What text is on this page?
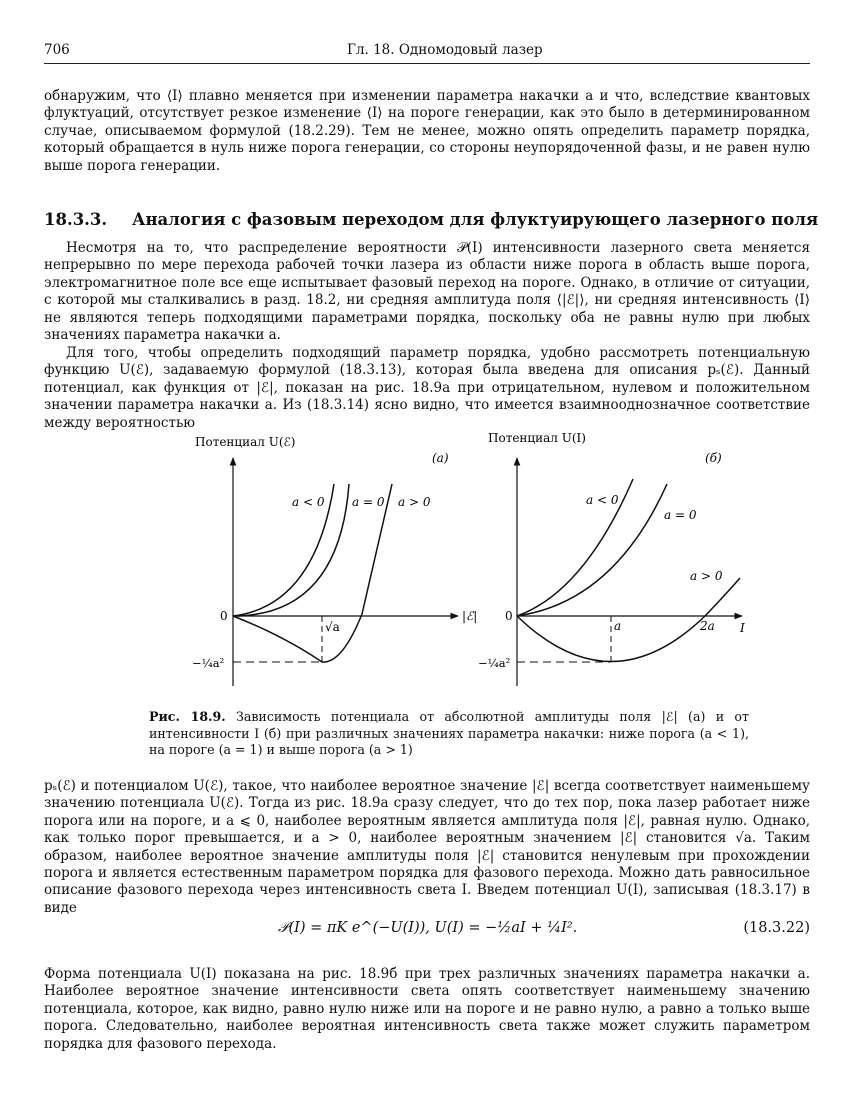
706	Гл. 18. Одномодовый лазер

обнаружим, что ⟨I⟩ плавно меняется при изменении параметра накачки a и что, вследствие квантовых флуктуаций, отсутствует резкое изменение ⟨I⟩ на пороге генерации, как это было в детерминированном случае, описываемом формулой (18.2.29). Тем не менее, можно опять определить параметр порядка, который обращается в нуль ниже порога генерации, со стороны неупорядоченной фазы, и не равен нулю выше порога генерации.

18.3.3. Аналогия с фазовым переходом для флуктуирующего лазерного поля

Несмотря на то, что распределение вероятности 𝒫(I) интенсивности лазерного света меняется непрерывно по мере перехода рабочей точки лазера из области ниже порога в область выше порога, электромагнитное поле все еще испытывает фазовый переход на пороге. Однако, в отличие от ситуации, с которой мы сталкивались в разд. 18.2, ни средняя амплитуда поля ⟨|ℰ|⟩, ни средняя интенсивность ⟨I⟩ не являются теперь подходящими параметрами порядка, поскольку оба не равны нулю при любых значениях параметра накачки a.

Для того, чтобы определить подходящий параметр порядка, удобно рассмотреть потенциальную функцию U(ℰ), задаваемую формулой (18.3.13), которая была введена для описания pₛ(ℰ). Данный потенциал, как функция от |ℰ|, показан на рис. 18.9а при отрицательном, нулевом и положительном значении параметра накачки a. Из (18.3.14) ясно видно, что имеется взаимнооднозначное соответствие между вероятностью

Потенциал U(ℰ)
(a)
|ℰ|
0
−¼a²
√a
a < 0 a = 0 a > 0
Потенциал U(I)
(б)
I
0
−¼a²
a	2a
a < 0
a = 0
a > 0

Рис. 18.9. Зависимость потенциала от абсолютной амплитуды поля |ℰ| (a) и от интенсивности I (б) при различных значениях параметра накачки: ниже порога (a < 1), на пороге (a = 1) и выше порога (a > 1)

pₛ(ℰ) и потенциалом U(ℰ), такое, что наиболее вероятное значение |ℰ| всегда соответствует наименьшему значению потенциала U(ℰ). Тогда из рис. 18.9а сразу следует, что до тех пор, пока лазер работает ниже порога или на пороге, и a ⩽ 0, наиболее вероятным является амплитуда поля |ℰ|, равная нулю. Однако, как только порог превышается, и a > 0, наиболее вероятным значением |ℰ| становится √a. Таким образом, наиболее вероятное значение амплитуды поля |ℰ| становится ненулевым при прохождении порога и является естественным параметром порядка для фазового перехода. Можно дать равносильное описание фазового перехода через интенсивность света I. Введем потенциал U(I), записывая (18.3.17) в виде

𝒫(I) = πK e^(−U(I)), U(I) = −½aI + ¼I².	(18.3.22)

Форма потенциала U(I) показана на рис. 18.9б при трех различных значениях параметра накачки a. Наиболее вероятное значение интенсивности света опять соответствует наименьшему значению потенциала, которое, как видно, равно нулю ниже или на пороге и не равно нулю, а равно a только выше порога. Следовательно, наиболее вероятная интенсивность света также может служить параметром порядка для фазового перехода.
